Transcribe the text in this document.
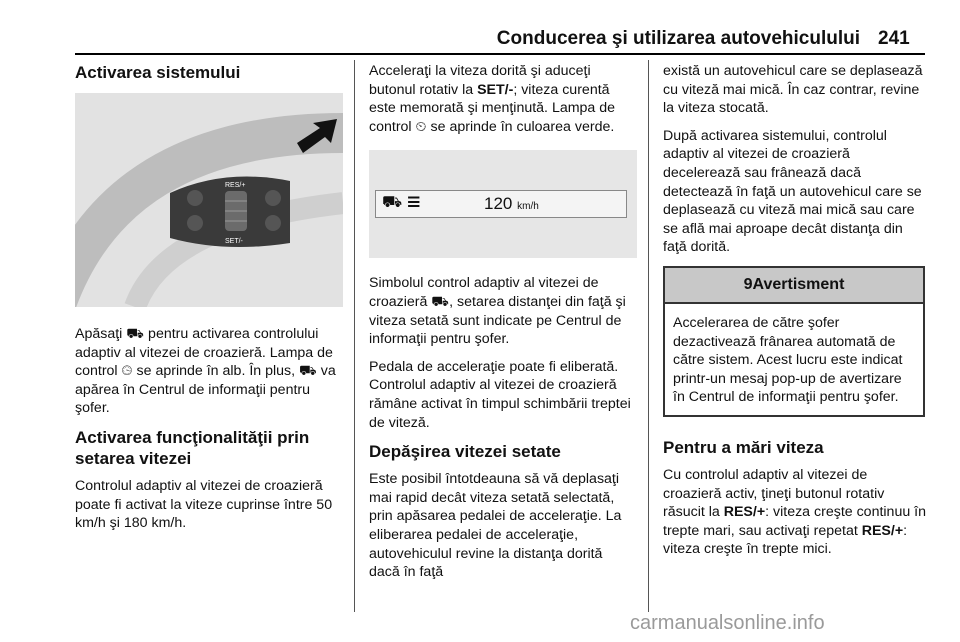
Conducerea şi utilizarea autovehiculului 241
Activarea sistemului
RES/+
SET/-
Apăsaţi ⛟ pentru activarea controlului adaptiv al vitezei de croazieră. Lampa de control ⏲ se aprinde în alb. În plus, ⛟ va apărea în Centrul de informaţii pentru şofer.
Activarea funcţionalităţii prin setarea vitezei
Controlul adaptiv al vitezei de croazieră poate fi activat la viteze cuprinse între 50 km/h şi 180 km/h.
Acceleraţi la viteza dorită şi aduceţi butonul rotativ la SET/-; viteza curentă este memorată şi menţinută. Lampa de control ⏲ se aprinde în culoarea verde.
⛟ ☰	120 km/h
Simbolul control adaptiv al vitezei de croazieră ⛟, setarea distanţei din faţă şi viteza setată sunt indicate pe Centrul de informaţii pentru şofer.
Pedala de acceleraţie poate fi eliberată. Controlul adaptiv al vitezei de croazieră rămâne activat în timpul schimbării treptei de viteză.
Depăşirea vitezei setate
Este posibil întotdeauna să vă deplasaţi mai rapid decât viteza setată selectată, prin apăsarea pedalei de acceleraţie. La eliberarea pedalei de acceleraţie, autovehiculul revine la distanţa dorită dacă în faţă
există un autovehicul care se deplasează cu viteză mai mică. În caz contrar, revine la viteza stocată.
După activarea sistemului, controlul adaptiv al vitezei de croazieră decelerează sau frânează dacă detectează în faţă un autovehicul care se deplasează cu viteză mai mică sau care se află mai aproape decât distanţa din faţă dorită.
9Avertisment
Accelerarea de către şofer dezactivează frânarea automată de către sistem. Acest lucru este indicat printr-un mesaj pop-up de avertizare în Centrul de informaţii pentru şofer.
Pentru a mări viteza
Cu controlul adaptiv al vitezei de croazieră activ, ţineţi butonul rotativ răsucit la RES/+: viteza creşte continuu în trepte mari, sau activaţi repetat RES/+: viteza creşte în trepte mici.
carmanualsonline.info
